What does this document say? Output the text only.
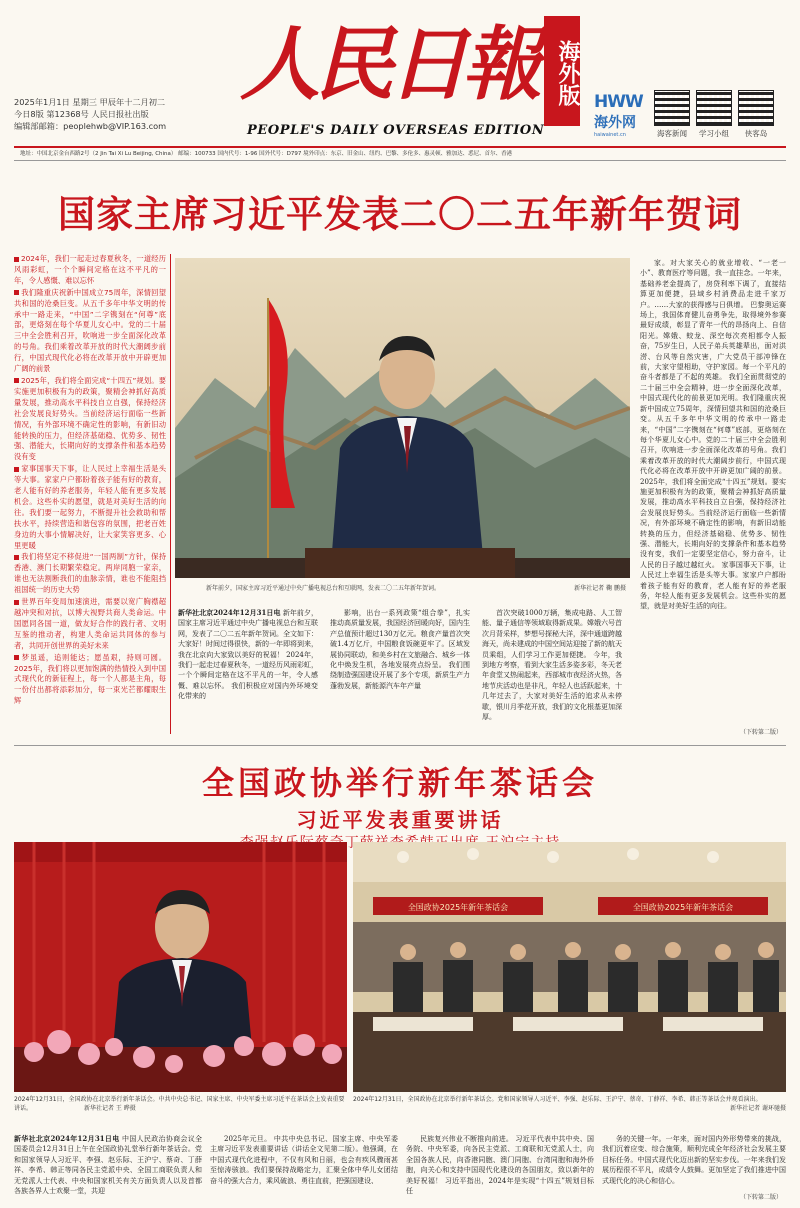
人民日報 海外版
PEOPLE'S DAILY OVERSEAS EDITION
2025年1月1日 星期三 甲辰年十二月初二
今日8版 第12368号 人民日报社出版
编辑部邮箱：peoplehwb@VIP.163.com
HWW
海外网
haiwainet.cn	海客新闻	学习小组	侠客岛
地址：中国北京金台西路2号（2 Jin Tai Xi Lu Beijing, China） 邮编：100733 国内代号：1-96 国外代号：D797 境外印点：东京、旧金山、纽约、巴黎、多伦多、惠灵顿、雅加达、悉尼、首尔、香港
国家主席习近平发表二〇二五年新年贺词

2024年，我们一起走过春夏秋冬，一道经历风雨彩虹，一个个瞬间定格在这不平凡的一年，令人感慨、难以忘怀

我们隆重庆祝新中国成立75周年，深情回望共和国的沧桑巨变。从五千多年中华文明的传承中一路走来，“中国”二字镌刻在“何尊”底部，更烙刻在每个华夏儿女心中。党的二十届三中全会胜利召开，吹响进一步全面深化改革的号角。我们乘着改革开放的时代大潮阔步前行，中国式现代化必将在改革开放中开辟更加广阔的前景

2025年，我们将全面完成“十四五”规划。要实施更加积极有为的政策，聚精会神抓好高质量发展，推动高水平科技自立自强，保持经济社会发展良好势头。当前经济运行面临一些新情况，有外部环境不确定性的影响，有新旧动能转换的压力，但经济基础稳、优势多、韧性强、潜能大，长期向好的支撑条件和基本趋势没有变

家事国事天下事，让人民过上幸福生活是头等大事。家家户户都盼着孩子能有好的教育，老人能有好的养老服务，年轻人能有更多发展机会。这些朴实的愿望，就是对美好生活的向往。我们要一起努力，不断提升社会救助和帮扶水平，持续营造和谐包容的氛围，把老百姓身边的大事小情解决好，让大家笑容更多、心里更暖

我们将坚定不移促进“一国两制”方针，保持香港、澳门长期繁荣稳定。两岸同胞一家亲，谁也无法割断我们的血脉亲情，谁也不能阻挡祖国统一的历史大势

世界百年变局加速演进，需要以宽广胸襟超越冲突和对抗，以博大视野共商人类命运。中国愿同各国一道，做友好合作的践行者、文明互鉴的推动者，构建人类命运共同体的参与者，共同开创世界的美好未来

梦虽遥，追则能达；愿虽艰，持则可圆。2025年，我们将以更加饱满的热情投入到中国式现代化的新征程上，每一个人都是主角，每一份付出都将添彩加分，每一束光芒都耀眼生辉

新年前夕，国家主席习近平通过中央广播电视总台和互联网，发表二〇二五年新年贺词。	新华社记者 鞠 鹏摄

新华社北京2024年12月31日电 新年前夕，国家主席习近平通过中央广播电视总台和互联网，发表了二〇二五年新年贺词。全文如下： 大家好！时间过得很快，新的一年即将到来，我在北京向大家致以美好的祝福！ 2024年，我们一起走过春夏秋冬，一道经历风雨彩虹，一个个瞬间定格在这不平凡的一年，令人感慨、难以忘怀。 我们积极应对国内外环境变化带来的

影响，出台一系列政策“组合拳”，扎实推动高质量发展，我国经济回暖向好，国内生产总值预计超过130万亿元。粮食产量首次突破1.4万亿斤，中国粮食饭碗更牢了。区域发展协同联动，和美乡村在文旅融合、城乡一体化中焕发生机，各地发展亮点纷呈。 我们围绕制造强国建设开展了多个专项，新质生产力蓬勃发展，新能源汽车年产量

首次突破1000万辆，集成电路、人工智能、量子通信等领域取得新成果。嫦娥六号首次月背采样，梦想号探秘大洋，深中通道跨越海天，尚未建成的中国空间站迎接了新的航天员乘组，人们学习工作更加便捷。 今年，我到地方考察，看到大家生活多姿多彩，冬天老年食堂又热闹起来，西部城市夜经济火热，各地节庆活动也是非凡，年轻人也活跃起来，十几年过去了，大家对美好生活的追求从未停歇，银川月季花开放，我们的文化根基更加深厚。

家。对大家关心的就业增收、“一老一小”、教育医疗等问题，我一直挂念。一年来，基础养老金提高了，房贷利率下调了，直接结算更加便捷，县域乡村消费品走进千家万户。……大家的获得感与日俱增。 巴黎奥运赛场上，我国体育健儿奋勇争先，取得境外参赛最好成绩，彰显了青年一代的昂扬向上、自信阳光。嫦娥、蛟龙、深空每次亮相都令人振奋，75岁生日，人民子弟兵英雄辈出，面对洪涝、台风等自然灾害，广大党员干部冲锋在前，大家守望相助，守护家园。每一个平凡的奋斗者都是了不起的英雄。 我们全面贯彻党的二十届三中全会精神，进一步全面深化改革，中国式现代化的前景更加光明。我们隆重庆祝新中国成立75周年，深情回望共和国的沧桑巨变。从五千多年中华文明的传承中一路走来，“中国”二字镌刻在“何尊”底部，更烙刻在每个华夏儿女心中。党的二十届三中全会胜利召开，吹响进一步全面深化改革的号角。我们乘着改革开放的时代大潮阔步前行，中国式现代化必将在改革开放中开辟更加广阔的前景。 2025年，我们将全面完成“十四五”规划。要实施更加积极有为的政策，聚精会神抓好高质量发展，推动高水平科技自立自强，保持经济社会发展良好势头。当前经济运行面临一些新情况，有外部环境不确定性的影响，有新旧动能转换的压力，但经济基础稳、优势多、韧性强、潜能大，长期向好的支撑条件和基本趋势没有变，我们一定要坚定信心，努力奋斗，让人民的日子越过越红火。 家事国事天下事，让人民过上幸福生活是头等大事。家家户户都盼着孩子能有好的教育，老人能有好的养老服务，年轻人能有更多发展机会。这些朴实的愿望，就是对美好生活的向往。

（下转第二版）
全国政协举行新年茶话会
习近平发表重要讲话
2024年12月31日，全国政协在北京举行新年茶话会。中共中央总书记、国家主席、中央军委主席习近平在茶话会上发表重要讲话。	新华社记者 王 晔摄
全国政协2025年新年茶话会	全国政协2025年新年茶话会
2024年12月31日，全国政协在北京举行新年茶话会。党和国家领导人习近平、李强、赵乐际、王沪宁、蔡奇、丁薛祥、李希、韩正等茶话会并观看演出。
新华社记者 谢环驰摄

新华社北京2024年12月31日电 中国人民政治协商会议全国委员会12月31日上午在全国政协礼堂举行新年茶话会。党和国家领导人习近平、李强、赵乐际、王沪宁、蔡奇、丁薛祥、李希、韩正等同各民主党派中央、全国工商联负责人和无党派人士代表、中央和国家机关有关方面负责人以及首都各族各界人士欢聚一堂，共迎

2025年元旦。 中共中央总书记、国家主席、中央军委主席习近平发表重要讲话（讲话全文见第二版）。他强调，在中国式现代化进程中，不仅有风和日丽，也会有疾风骤雨甚至惊涛骇浪。我们要保持战略定力，汇聚全体中华儿女团结奋斗的强大合力，乘风破浪、勇往直前，把强国建设、

民族复兴伟业不断推向前进。 习近平代表中共中央、国务院、中央军委，向各民主党派、工商联和无党派人士，向全国各族人民，向香港同胞、澳门同胞、台湾同胞和海外侨胞，向关心和支持中国现代化建设的各国朋友，致以新年的美好祝福！ 习近平指出，2024年是实现“十四五”规划目标任

务的关键一年。一年来，面对国内外形势带来的挑战，我们沉着应变、综合施策，顺利完成全年经济社会发展主要目标任务。中国式现代化迈出新的坚实步伐。一年来我们发展历程很不平凡，成绩令人鼓舞。更加坚定了我们推进中国式现代化的决心和信心。

（下转第二版）
